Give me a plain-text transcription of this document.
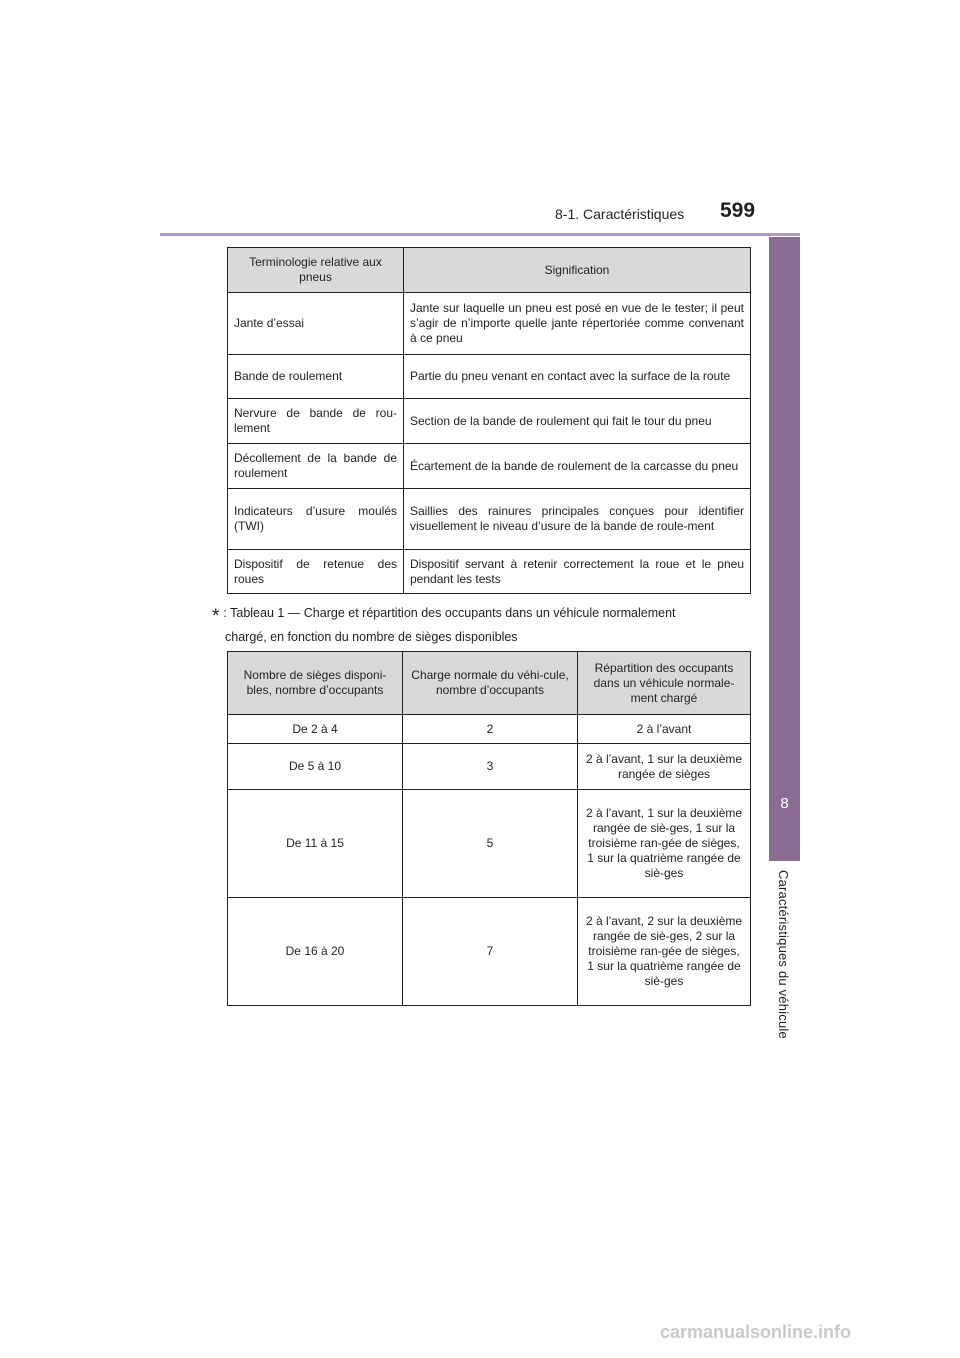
8-1. Caractéristiques 599
8
Caractéristiques du véhicule
Terminologie relative aux pneus	Signification
Jante d’essai	Jante sur laquelle un pneu est posé en vue de le tester; il peut s’agir de n’importe quelle jante répertoriée comme convenant à ce pneu
Bande de roulement	Partie du pneu venant en contact avec la surface de la route
Nervure de bande de rou-lement	Section de la bande de roulement qui fait le tour du pneu
Décollement de la bande de roulement	Écartement de la bande de roulement de la carcasse du pneu
Indicateurs d’usure moulés (TWI)	Saillies des rainures principales conçues pour identifier visuellement le niveau d’usure de la bande de roule-ment
Dispositif de retenue des roues	Dispositif servant à retenir correctement la roue et le pneu pendant les tests
* : Tableau 1 — Charge et répartition des occupants dans un véhicule normalement
chargé, en fonction du nombre de sièges disponibles
Nombre de sièges disponi-bles, nombre d’occupants	Charge normale du véhi-cule, nombre d’occupants	Répartition des occupants dans un véhicule normale-ment chargé
De 2 à 4	2	2 à l’avant
De 5 à 10	3	2 à l’avant, 1 sur la deuxième rangée de sièges
De 11 à 15	5	2 à l’avant, 1 sur la deuxième rangée de siè-ges, 1 sur la troisième ran-gée de sièges, 1 sur la quatrième rangée de siè-ges
De 16 à 20	7	2 à l’avant, 2 sur la deuxième rangée de siè-ges, 2 sur la troisième ran-gée de sièges, 1 sur la quatrième rangée de siè-ges
carmanualsonline.info
